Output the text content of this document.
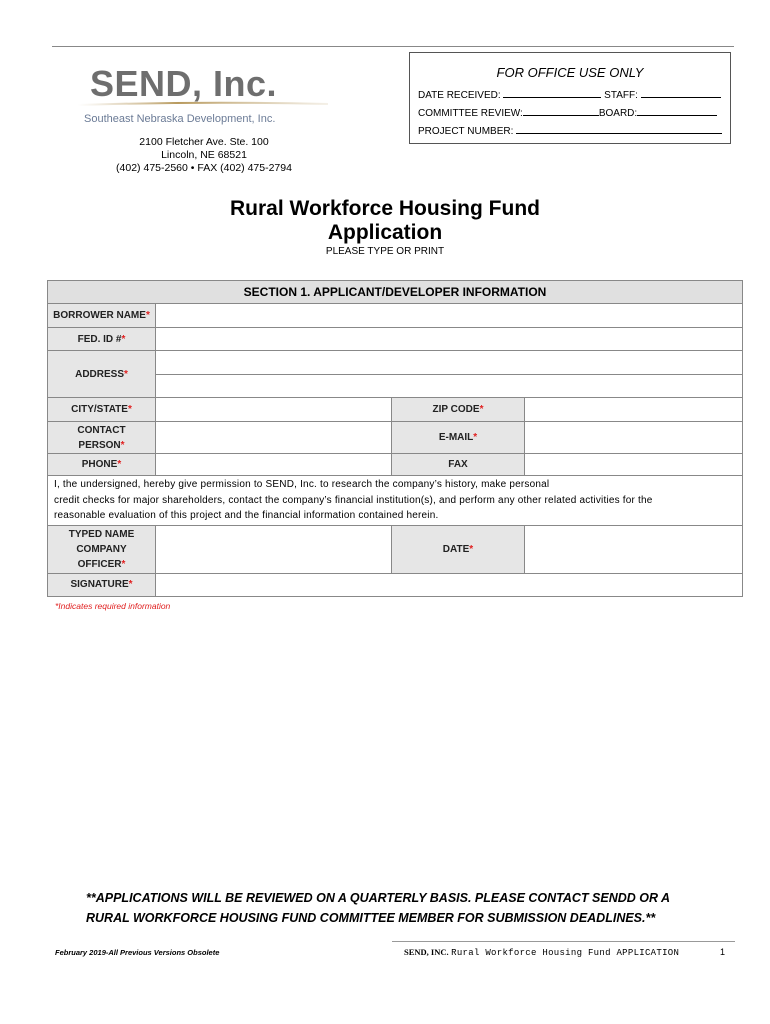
SEND, Inc.
Southeast Nebraska Development, Inc.
2100 Fletcher Ave. Ste. 100
Lincoln, NE 68521
(402) 475-2560 • FAX (402) 475-2794
FOR OFFICE USE ONLY
DATE RECEIVED:	STAFF:
COMMITTEE REVIEW:	BOARD:
PROJECT NUMBER:
Rural Workforce Housing Fund
Application
PLEASE TYPE OR PRINT
SECTION 1. APPLICANT/DEVELOPER INFORMATION			
BORROWER NAME*			
FED. ID #*			
ADDRESS*			

CITY/STATE*		ZIP CODE*	
CONTACT
PERSON*		E-MAIL*	
PHONE*		FAX	

I, the undersigned, hereby give permission to SEND, Inc. to research the company’s history, make personal
credit checks for major shareholders, contact the company’s financial institution(s), and perform any other related activities for the
reasonable evaluation of this project and the financial information contained herein.			

TYPED NAME
COMPANY
OFFICER*		DATE*	
SIGNATURE*			
*Indicates required information
**APPLICATIONS WILL BE REVIEWED ON A QUARTERLY BASIS. PLEASE CONTACT SENDD OR A
RURAL WORKFORCE HOUSING FUND COMMITTEE MEMBER FOR SUBMISSION DEADLINES.**
February 2019-All Previous Versions Obsolete	SEND, INC. Rural Workforce Housing Fund APPLICATION	1
